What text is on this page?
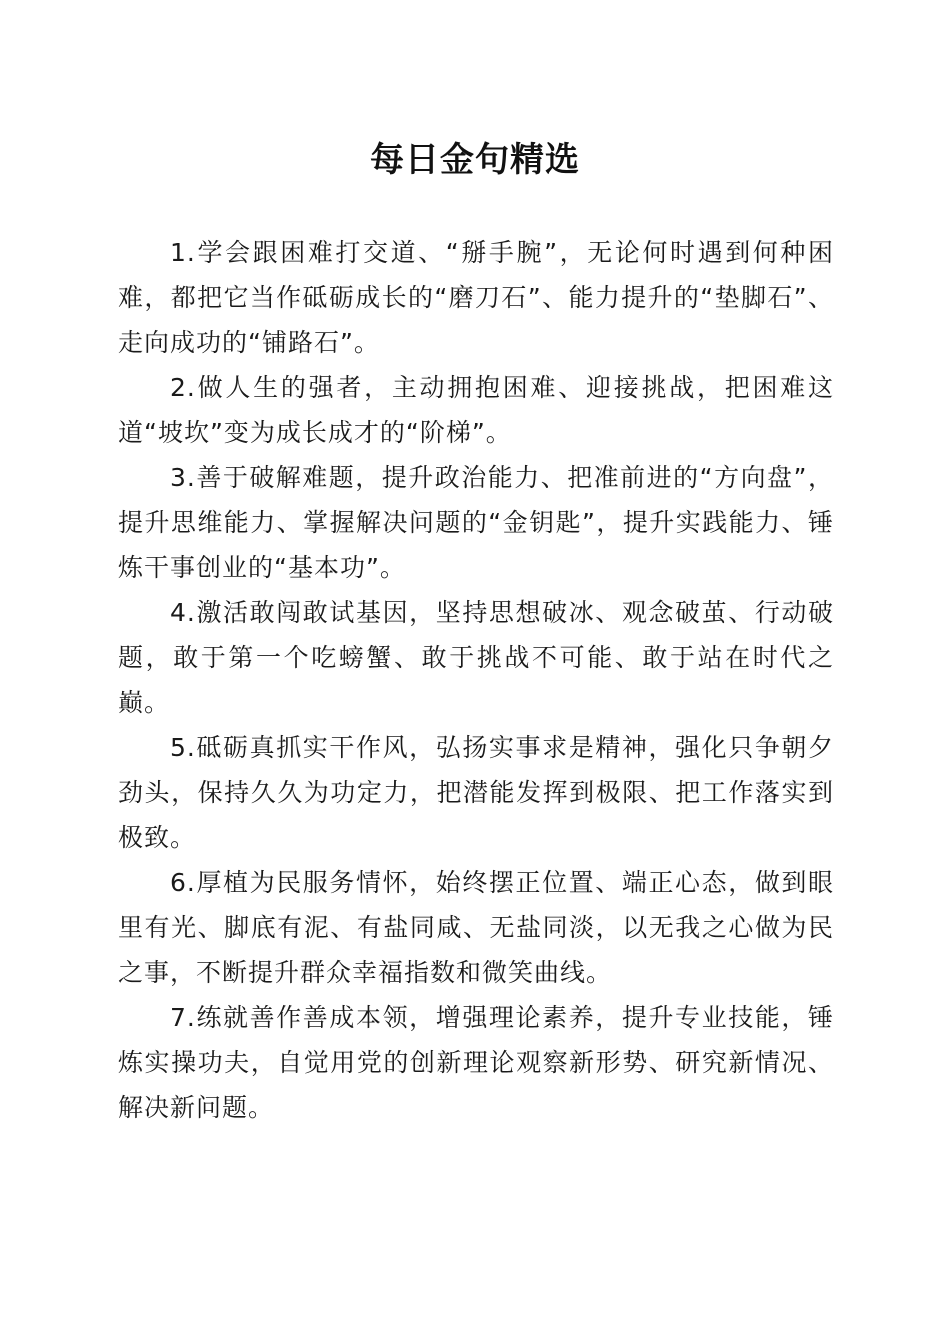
每日金句精选

1.学会跟困难打交道、“掰手腕”，无论何时遇到何种困难，都把它当作砥砺成长的“磨刀石”、能力提升的“垫脚石”、走向成功的“铺路石”。

2.做人生的强者，主动拥抱困难、迎接挑战，把困难这道“坡坎”变为成长成才的“阶梯”。

3.善于破解难题，提升政治能力、把准前进的“方向盘”，提升思维能力、掌握解决问题的“金钥匙”，提升实践能力、锤炼干事创业的“基本功”。

4.激活敢闯敢试基因，坚持思想破冰、观念破茧、行动破题，敢于第一个吃螃蟹、敢于挑战不可能、敢于站在时代之巅。

5.砥砺真抓实干作风，弘扬实事求是精神，强化只争朝夕劲头，保持久久为功定力，把潜能发挥到极限、把工作落实到极致。

6.厚植为民服务情怀，始终摆正位置、端正心态，做到眼里有光、脚底有泥、有盐同咸、无盐同淡，以无我之心做为民之事，不断提升群众幸福指数和微笑曲线。

7.练就善作善成本领，增强理论素养，提升专业技能，锤炼实操功夫，自觉用党的创新理论观察新形势、研究新情况、解决新问题。
